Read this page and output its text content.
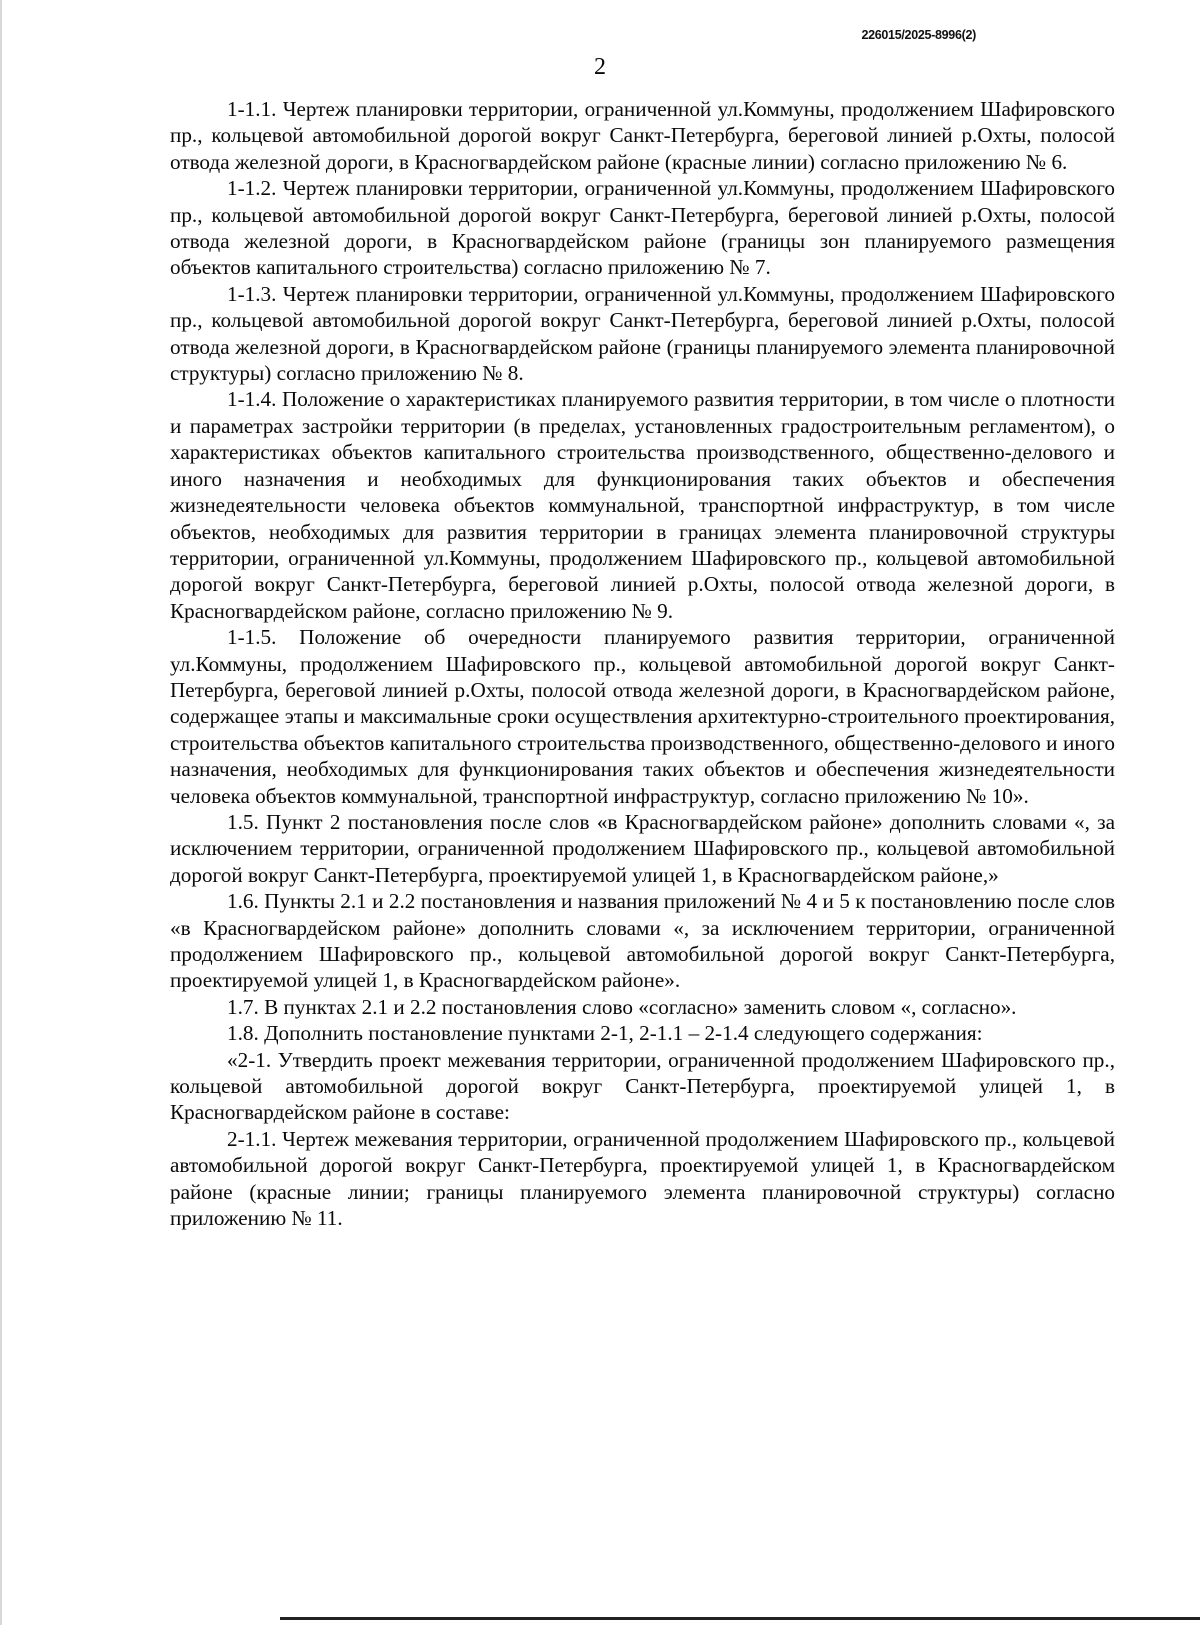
226015/2025-8996(2)
2

1-1.1. Чертеж планировки территории, ограниченной ул.Коммуны, продолжением Шафировского пр., кольцевой автомобильной дорогой вокруг Санкт-Петербурга, береговой линией р.Охты, полосой отвода железной дороги, в Красногвардейском районе (красные линии) согласно приложению № 6.

1-1.2. Чертеж планировки территории, ограниченной ул.Коммуны, продолжением Шафировского пр., кольцевой автомобильной дорогой вокруг Санкт-Петербурга, береговой линией р.Охты, полосой отвода железной дороги, в Красногвардейском районе (границы зон планируемого размещения объектов капитального строительства) согласно приложению № 7.

1-1.3. Чертеж планировки территории, ограниченной ул.Коммуны, продолжением Шафировского пр., кольцевой автомобильной дорогой вокруг Санкт-Петербурга, береговой линией р.Охты, полосой отвода железной дороги, в Красногвардейском районе (границы планируемого элемента планировочной структуры) согласно приложению № 8.

1-1.4. Положение о характеристиках планируемого развития территории, в том числе о плотности и параметрах застройки территории (в пределах, установленных градостроительным регламентом), о характеристиках объектов капитального строительства производственного, общественно-делового и иного назначения и необходимых для функционирования таких объектов и обеспечения жизнедеятельности человека объектов коммунальной, транспортной инфраструктур, в том числе объектов, необходимых для развития территории в границах элемента планировочной структуры территории, ограниченной ул.Коммуны, продолжением Шафировского пр., кольцевой автомобильной дорогой вокруг Санкт-Петербурга, береговой линией р.Охты, полосой отвода железной дороги, в Красногвардейском районе, согласно приложению № 9.

1-1.5. Положение об очередности планируемого развития территории, ограниченной ул.Коммуны, продолжением Шафировского пр., кольцевой автомобильной дорогой вокруг Санкт-Петербурга, береговой линией р.Охты, полосой отвода железной дороги, в Красногвардейском районе, содержащее этапы и максимальные сроки осуществления архитектурно-строительного проектирования, строительства объектов капитального строительства производственного, общественно-делового и иного назначения, необходимых для функционирования таких объектов и обеспечения жизнедеятельности человека объектов коммунальной, транспортной инфраструктур, согласно приложению № 10».

1.5. Пункт 2 постановления после слов «в Красногвардейском районе» дополнить словами «, за исключением территории, ограниченной продолжением Шафировского пр., кольцевой автомобильной дорогой вокруг Санкт-Петербурга, проектируемой улицей 1, в Красногвардейском районе,»

1.6. Пункты 2.1 и 2.2 постановления и названия приложений № 4 и 5 к постановлению после слов «в Красногвардейском районе» дополнить словами «, за исключением территории, ограниченной продолжением Шафировского пр., кольцевой автомобильной дорогой вокруг Санкт-Петербурга, проектируемой улицей 1, в Красногвардейском районе».

1.7. В пунктах 2.1 и 2.2 постановления слово «согласно» заменить словом «, согласно».

1.8. Дополнить постановление пунктами 2-1, 2-1.1 – 2-1.4 следующего содержания:

«2-1. Утвердить проект межевания территории, ограниченной продолжением Шафировского пр., кольцевой автомобильной дорогой вокруг Санкт-Петербурга, проектируемой улицей 1, в Красногвардейском районе в составе:

2-1.1. Чертеж межевания территории, ограниченной продолжением Шафировского пр., кольцевой автомобильной дорогой вокруг Санкт-Петербурга, проектируемой улицей 1, в Красногвардейском районе (красные линии; границы планируемого элемента планировочной структуры) согласно приложению № 11.
